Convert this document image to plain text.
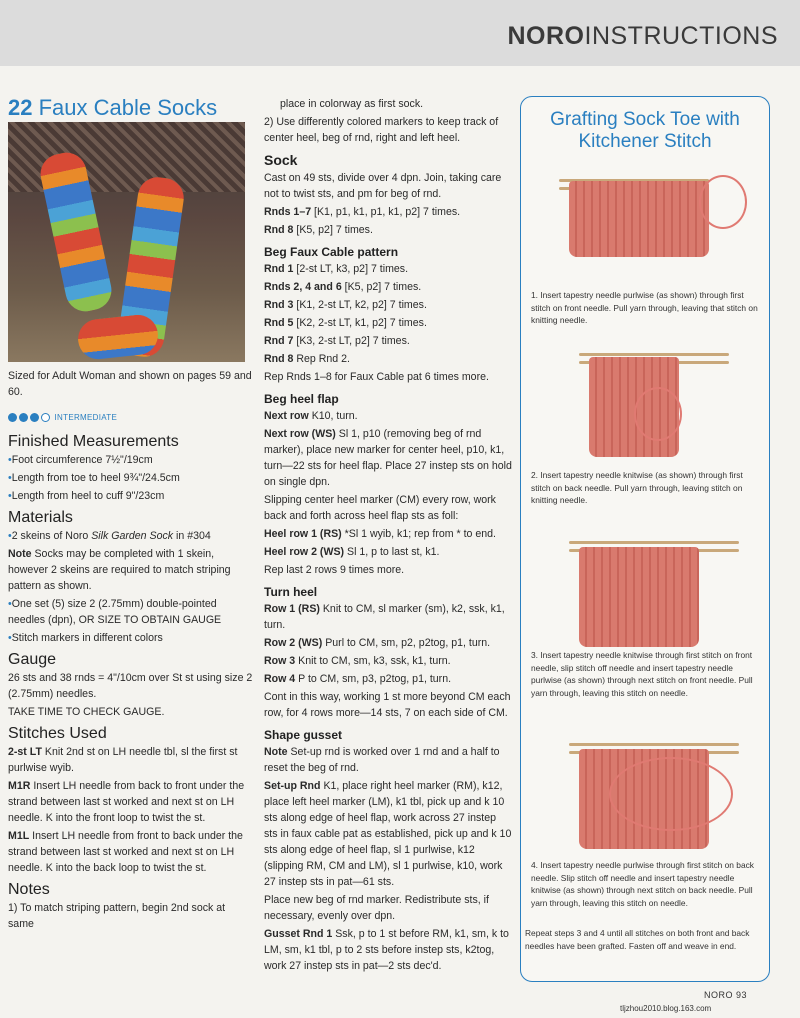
NOROINSTRUCTIONS
22 Faux Cable Socks

Sized for Adult Woman and shown on pages 59 and 60.

INTERMEDIATE
Finished Measurements

•Foot circumference 7½"/19cm

•Length from toe to heel 9¾"/24.5cm

•Length from heel to cuff 9"/23cm

Materials

•2 skeins of Noro Silk Garden Sock in #304

Note Socks may be completed with 1 skein, however 2 skeins are required to match striping pattern as shown.

•One set (5) size 2 (2.75mm) double-pointed needles (dpn), OR SIZE TO OBTAIN GAUGE

•Stitch markers in different colors

Gauge

26 sts and 38 rnds = 4"/10cm over St st using size 2 (2.75mm) needles.

TAKE TIME TO CHECK GAUGE.

Stitches Used

2-st LT Knit 2nd st on LH needle tbl, sl the first st purlwise wyib.

M1R Insert LH needle from back to front under the strand between last st worked and next st on LH needle. K into the front loop to twist the st.

M1L Insert LH needle from front to back under the strand between last st worked and next st on LH needle. K into the back loop to twist the st.

Notes

1) To match striping pattern, begin 2nd sock at same

place in colorway as first sock.

2) Use differently colored markers to keep track of center heel, beg of rnd, right and left heel.

Sock

Cast on 49 sts, divide over 4 dpn. Join, taking care not to twist sts, and pm for beg of rnd.

Rnds 1–7 [K1, p1, k1, p1, k1, p2] 7 times.

Rnd 8 [K5, p2] 7 times.

Beg Faux Cable pattern

Rnd 1 [2-st LT, k3, p2] 7 times.

Rnds 2, 4 and 6 [K5, p2] 7 times.

Rnd 3 [K1, 2-st LT, k2, p2] 7 times.

Rnd 5 [K2, 2-st LT, k1, p2] 7 times.

Rnd 7 [K3, 2-st LT, p2] 7 times.

Rnd 8 Rep Rnd 2.

Rep Rnds 1–8 for Faux Cable pat 6 times more.

Beg heel flap

Next row K10, turn.

Next row (WS) Sl 1, p10 (removing beg of rnd marker), place new marker for center heel, p10, k1, turn—22 sts for heel flap. Place 27 instep sts on hold on single dpn.

Slipping center heel marker (CM) every row, work back and forth across heel flap sts as foll:

Heel row 1 (RS) *Sl 1 wyib, k1; rep from * to end.

Heel row 2 (WS) Sl 1, p to last st, k1.

Rep last 2 rows 9 times more.

Turn heel

Row 1 (RS) Knit to CM, sl marker (sm), k2, ssk, k1, turn.

Row 2 (WS) Purl to CM, sm, p2, p2tog, p1, turn.

Row 3 Knit to CM, sm, k3, ssk, k1, turn.

Row 4 P to CM, sm, p3, p2tog, p1, turn.

Cont in this way, working 1 st more beyond CM each row, for 4 rows more—14 sts, 7 on each side of CM.

Shape gusset

Note Set-up rnd is worked over 1 rnd and a half to reset the beg of rnd.

Set-up Rnd K1, place right heel marker (RM), k12, place left heel marker (LM), k1 tbl, pick up and k 10 sts along edge of heel flap, work across 27 instep sts in faux cable pat as established, pick up and k 10 sts along edge of heel flap, sl 1 purlwise, k12 (slipping RM, CM and LM), sl 1 purlwise, k10, work 27 instep sts in pat—61 sts.

Place new beg of rnd marker. Redistribute sts, if necessary, evenly over dpn.

Gusset Rnd 1 Ssk, p to 1 st before RM, k1, sm, k to LM, sm, k1 tbl, p to 2 sts before instep sts, k2tog, work 27 instep sts in pat—2 sts dec'd.

Grafting Sock Toe with Kitchener Stitch
1. Insert tapestry needle purlwise (as shown) through first stitch on front needle. Pull yarn through, leaving that stitch on knitting needle.
2. Insert tapestry needle knitwise (as shown) through first stitch on back needle. Pull yarn through, leaving stitch on knitting needle.
3. Insert tapestry needle knitwise through first stitch on front needle, slip stitch off needle and insert tapestry needle purlwise (as shown) through next stitch on front needle. Pull yarn through, leaving this stitch on needle.
4. Insert tapestry needle purlwise through first stitch on back needle. Slip stitch off needle and insert tapestry needle knitwise (as shown) through next stitch on back needle. Pull yarn through, leaving this stitch on needle.
Repeat steps 3 and 4 until all stitches on both front and back needles have been grafted. Fasten off and weave in end.
NORO 93
tljzhou2010.blog.163.com
